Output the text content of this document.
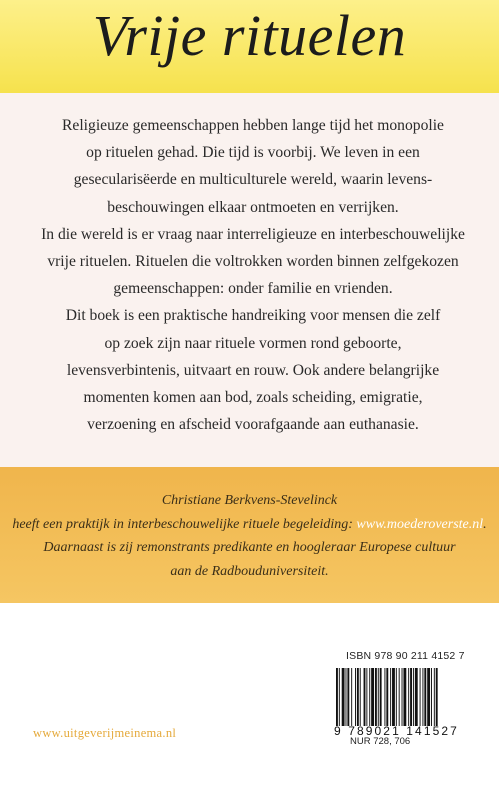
Vrije rituelen

Religieuze gemeenschappen hebben lange tijd het monopolie

op rituelen gehad. Die tijd is voorbij. We leven in een

gesecularisëerde en multiculturele wereld, waarin levens-

beschouwingen elkaar ontmoeten en verrijken.

In die wereld is er vraag naar interreligieuze en interbeschouwelijke

vrije rituelen. Rituelen die voltrokken worden binnen zelfgekozen

gemeenschappen: onder familie en vrienden.

Dit boek is een praktische handreiking voor mensen die zelf

op zoek zijn naar rituele vormen rond geboorte,

levensverbintenis, uitvaart en rouw. Ook andere belangrijke

momenten komen aan bod, zoals scheiding, emigratie,

verzoening en afscheid voorafgaande aan euthanasie.

Christiane Berkvens-Stevelinck
heeft een praktijk in interbeschouwelijke rituele begeleiding: www.moederoverste.nl.
Daarnaast is zij remonstrants predikante en hoogleraar Europese cultuur
aan de Radbouduniversiteit.
www.uitgeverijmeinema.nl
ISBN 978 90 211 4152 7
9 789021 141527
NUR 728, 706
